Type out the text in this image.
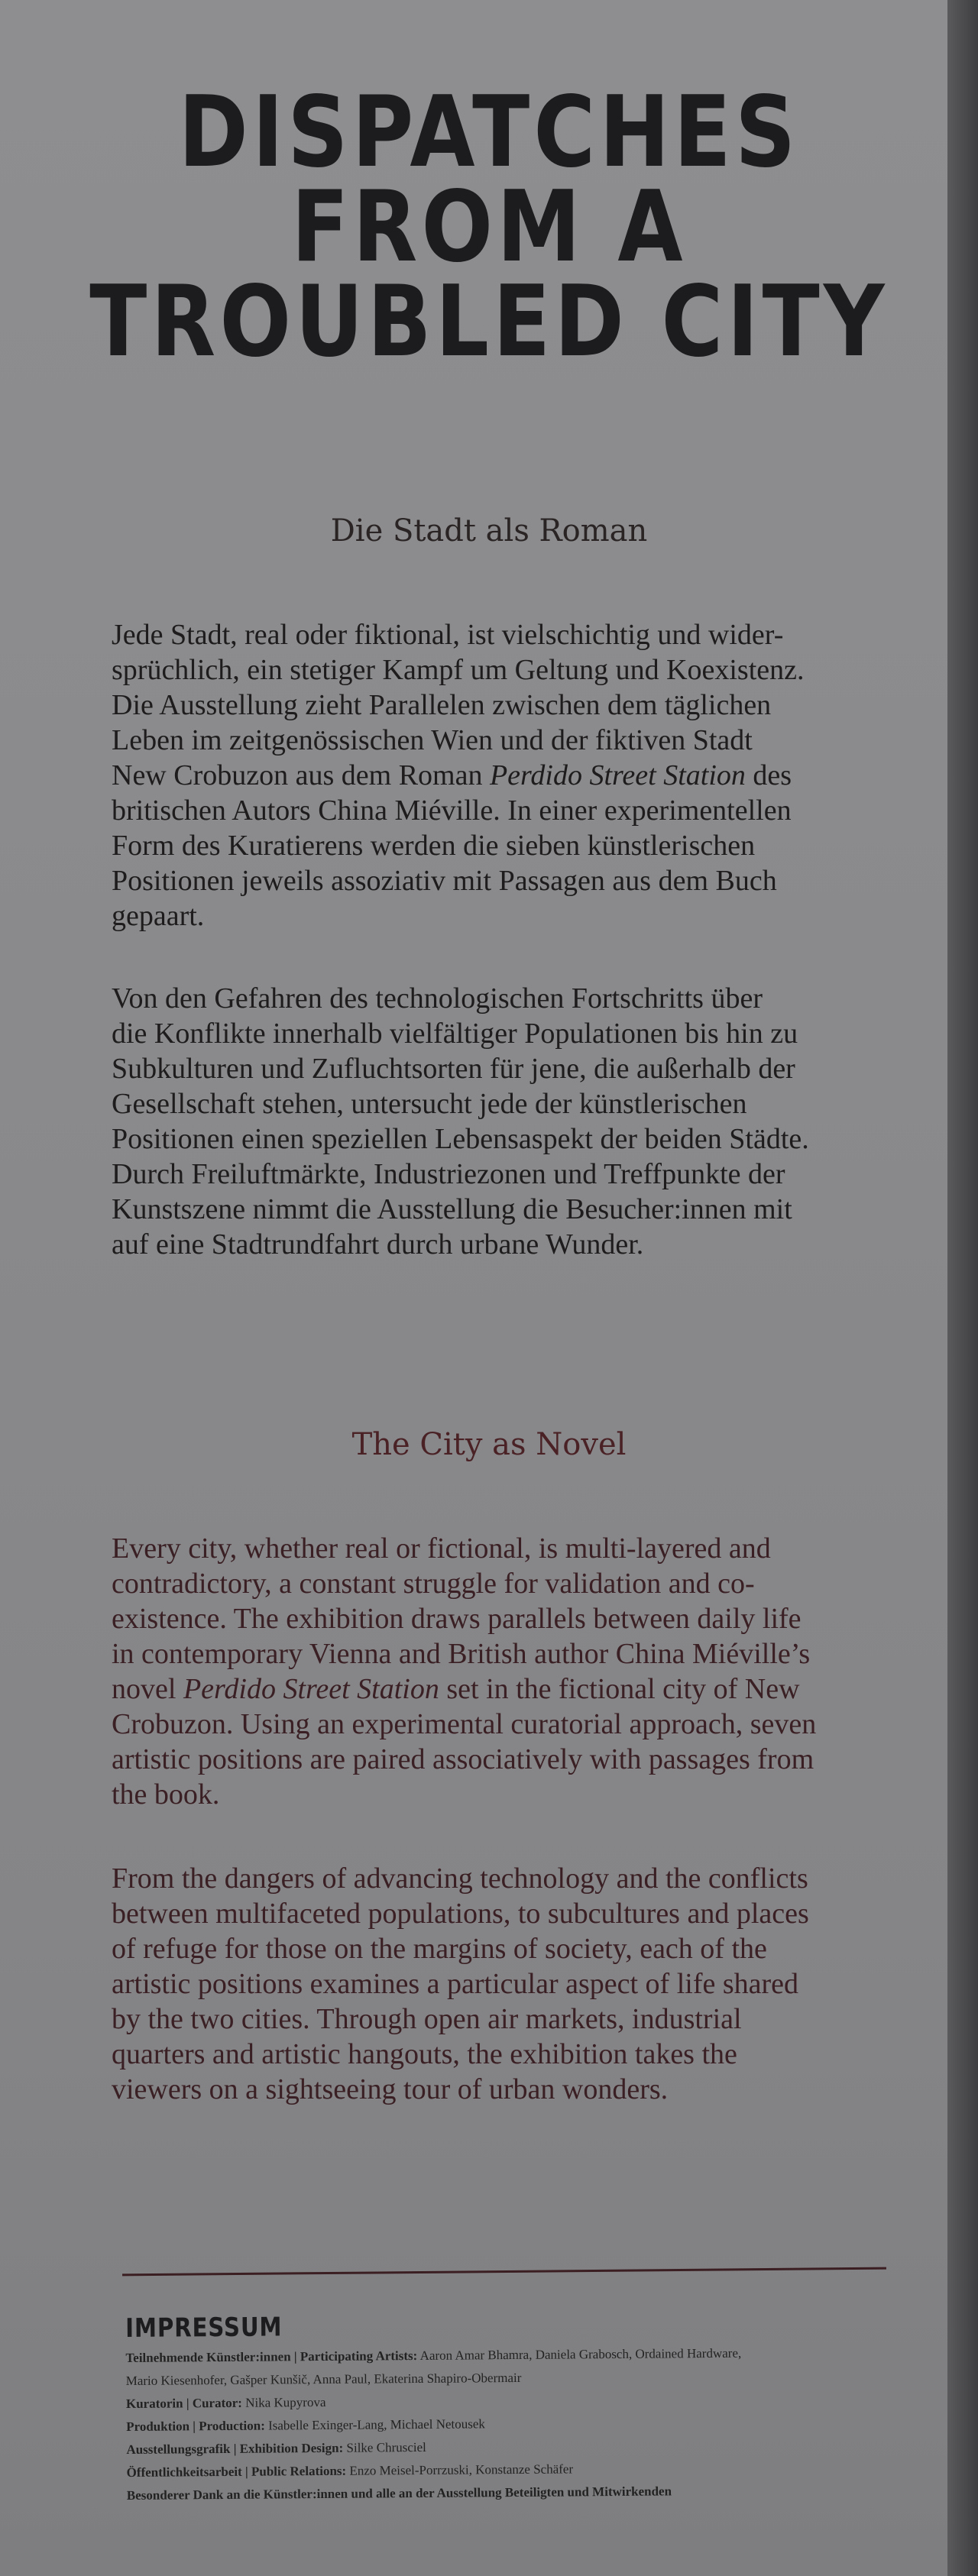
DISPATCHES
FROM A
TROUBLED CITY
Die Stadt als Roman
Jede Stadt, real oder fiktional, ist vielschichtig und wider-
sprüchlich, ein stetiger Kampf um Geltung und Koexistenz.
Die Ausstellung zieht Parallelen zwischen dem täglichen
Leben im zeitgenössischen Wien und der fiktiven Stadt
New Crobuzon aus dem Roman Perdido Street Station des
britischen Autors China Miéville. In einer experimentellen
Form des Kuratierens werden die sieben künstlerischen
Positionen jeweils assoziativ mit Passagen aus dem Buch
gepaart.
Von den Gefahren des technologischen Fortschritts über
die Konflikte innerhalb vielfältiger Populationen bis hin zu
Subkulturen und Zufluchtsorten für jene, die außerhalb der
Gesellschaft stehen, untersucht jede der künstlerischen
Positionen einen speziellen Lebensaspekt der beiden Städte.
Durch Freiluftmärkte, Industriezonen und Treffpunkte der
Kunstszene nimmt die Ausstellung die Besucher:innen mit
auf eine Stadtrundfahrt durch urbane Wunder.
The City as Novel
Every city, whether real or fictional, is multi-layered and
contradictory, a constant struggle for validation and co-
existence. The exhibition draws parallels between daily life
in contemporary Vienna and British author China Miéville’s
novel Perdido Street Station set in the fictional city of New
Crobuzon. Using an experimental curatorial approach, seven
artistic positions are paired associatively with passages from
the book.
From the dangers of advancing technology and the conflicts
between multifaceted populations, to subcultures and places
of refuge for those on the margins of society, each of the
artistic positions examines a particular aspect of life shared
by the two cities. Through open air markets, industrial
quarters and artistic hangouts, the exhibition takes the
viewers on a sightseeing tour of urban wonders.
IMPRESSUM
Teilnehmende Künstler:innen | Participating Artists: Aaron Amar Bhamra, Daniela Grabosch, Ordained Hardware,
Mario Kiesenhofer, Gašper Kunšič, Anna Paul, Ekaterina Shapiro-Obermair
Kuratorin | Curator: Nika Kupyrova
Produktion | Production: Isabelle Exinger-Lang, Michael Netousek
Ausstellungsgrafik | Exhibition Design: Silke Chrusciel
Öffentlichkeitsarbeit | Public Relations: Enzo Meisel-Porrzuski, Konstanze Schäfer
Besonderer Dank an die Künstler:innen und alle an der Ausstellung Beteiligten und Mitwirkenden
